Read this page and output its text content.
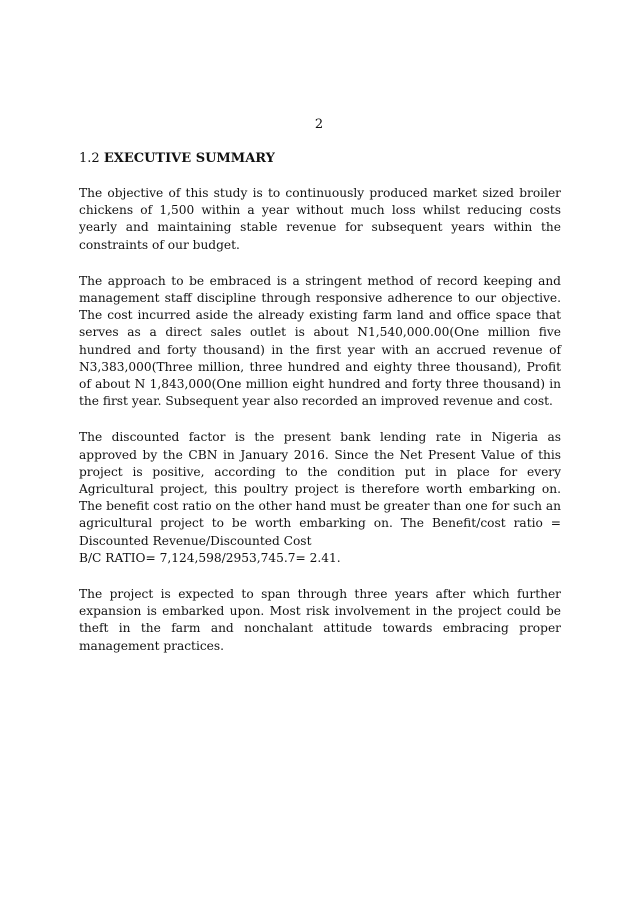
2
1.2 EXECUTIVE SUMMARY

The objective of this study is to continuously produced market sized broiler chickens of 1,500 within a year without much loss whilst reducing costs yearly and maintaining stable revenue for subsequent years within the constraints of our budget.

The approach to be embraced is a stringent method of record keeping and management staff discipline through responsive adherence to our objective. The cost incurred aside the already existing farm land and office space that serves as a direct sales outlet is about N1,540,000.00(One million five hundred and forty thousand) in the first year with an accrued revenue of N3,383,000(Three million, three hundred and eighty three thousand), Profit of about N 1,843,000(One million eight hundred and forty three thousand) in the first year. Subsequent year also recorded an improved revenue and cost.

The discounted factor is the present bank lending rate in Nigeria as approved by the CBN in January 2016. Since the Net Present Value of this project is positive, according to the condition put in place for every Agricultural project, this poultry project is therefore worth embarking on. The benefit cost ratio on the other hand must be greater than one for such an agricultural project to be worth embarking on. The Benefit/cost ratio = Discounted Revenue/Discounted Cost

B/C RATIO= 7,124,598/2953,745.7= 2.41.

The project is expected to span through three years after which further expansion is embarked upon. Most risk involvement in the project could be theft in the farm and nonchalant attitude towards embracing proper management practices.
